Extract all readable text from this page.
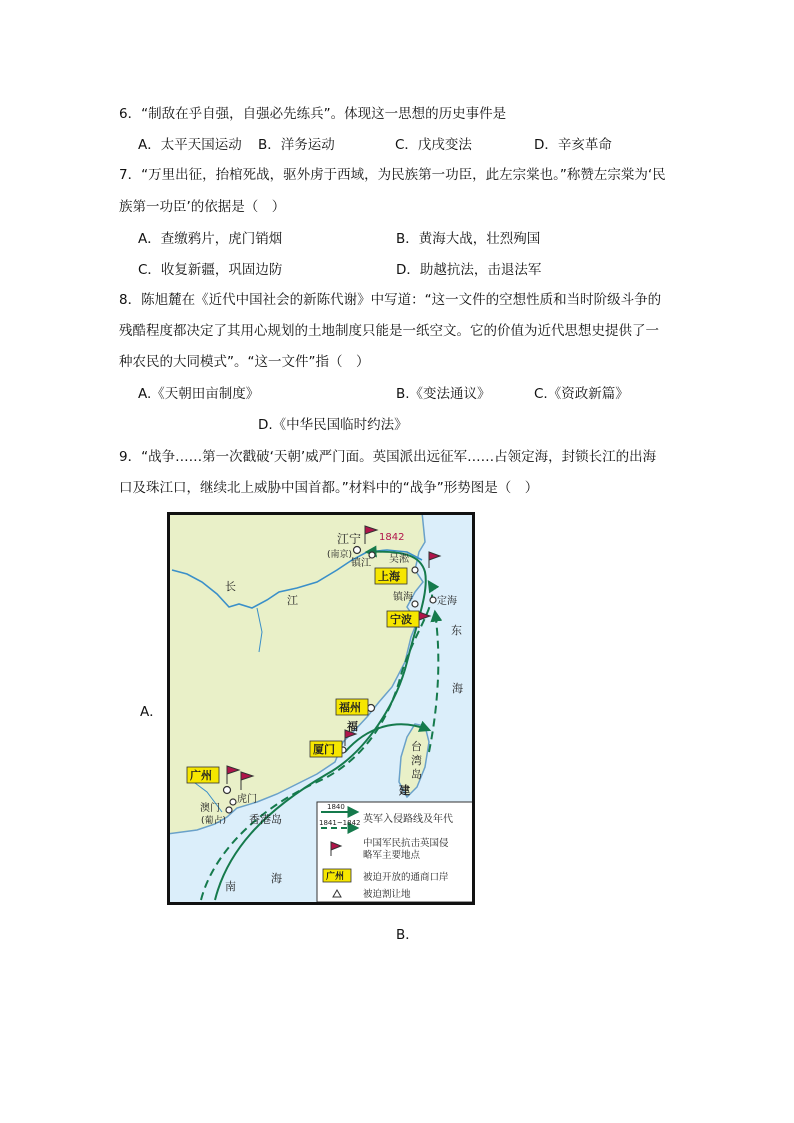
6．“制敌在乎自强，自强必先练兵”。体现这一思想的历史事件是
A．太平天国运动 B．洋务运动	C．戊戌变法	D．辛亥革命
7．“万里出征，抬棺死战，驱外虏于西域，为民族第一功臣，此左宗棠也。”称赞左宗棠为‘民
族第一功臣’的依据是（　）
A．查缴鸦片，虎门销烟	B．黄海大战，壮烈殉国
C．收复新疆，巩固边防	D．助越抗法，击退法军
8．陈旭麓在《近代中国社会的新陈代谢》中写道：“这一文件的空想性质和当时阶级斗争的
残酷程度都决定了其用心规划的土地制度只能是一纸空文。它的价值为近代思想史提供了一
种农民的大同模式”。“这一文件”指（　）
A.《天朝田亩制度》	B.《变法通议》	C.《资政新篇》
D.《中华民国临时约法》
9．“战争……第一次戳破‘天朝’威严门面。英国派出远征军……占领定海，封锁长江的出海
口及珠江口，继续北上威胁中国首都。”材料中的“战争”形势图是（　）
A．
B．
江宁
(南京)
1842
镇江 吴淞
上海
镇海 定海
宁波
长
江
东
海
福州
福
厦门	台
湾
岛
建
广州
虎门
澳门
(葡占) 香港岛
南
海
1840
1841~1842 英军入侵路线及年代
中国军民抗击英国侵
略军主要地点
广州 被迫开放的通商口岸
被迫割让地
